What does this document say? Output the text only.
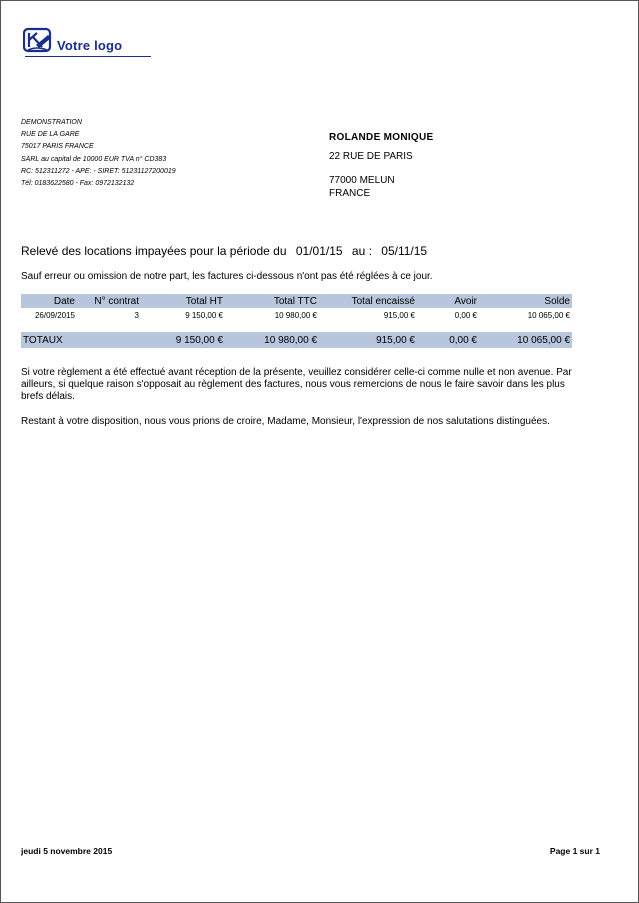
Votre logo
DEMONSTRATION
RUE DE LA GARE
75017 PARIS FRANCE
SARL au capital de 10000 EUR TVA n° CD383
RC: 512311272 - APE: - SIRET: 51231127200019
Tél: 0183622580 - Fax: 0972132132
ROLANDE MONIQUE
22 RUE DE PARIS
77000 MELUN
FRANCE
Relevé des locations impayées pour la période du 01/01/15 au : 05/11/15
Sauf erreur ou omission de notre part, les factures ci-dessous n'ont pas été réglées à ce jour.
Date	N° contrat	Total HT	Total TTC	Total encaissé	Avoir	Solde
26/09/2015	3	9 150,00 €	10 980,00 €	915,00 €	0,00 €	10 065,00 €

TOTAUX		9 150,00 €	10 980,00 €	915,00 €	0,00 €	10 065,00 €
Si votre règlement a été effectué avant réception de la présente, veuillez considérer celle-ci comme nulle et non avenue. Par ailleurs, si quelque raison s'opposait au règlement des factures, nous vous remercions de nous le faire savoir dans les plus brefs délais.
Restant à votre disposition, nous vous prions de croire, Madame, Monsieur, l'expression de nos salutations distinguées.
jeudi 5 novembre 2015	Page 1 sur 1
